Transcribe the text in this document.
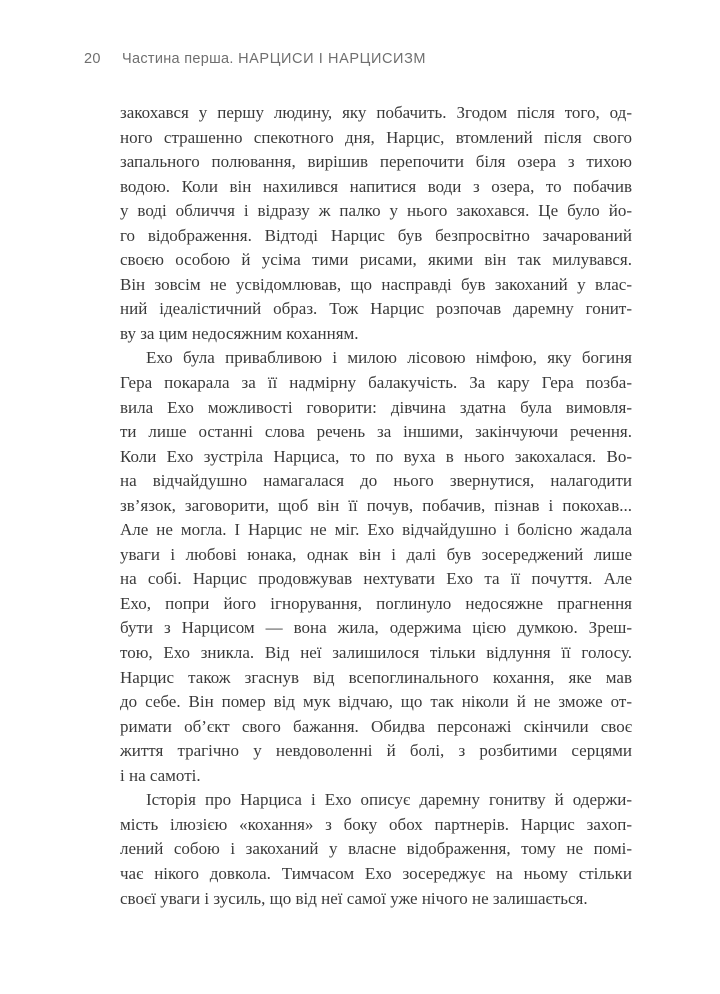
20 Частина перша. НАРЦИСИ І НАРЦИСИЗМ
закохався у першу людину, яку побачить. Згодом після того, од-
ного страшенно спекотного дня, Нарцис, втомлений після свого
запального полювання, вирішив перепочити біля озера з тихою
водою. Коли він нахилився напитися води з озера, то побачив
у воді обличчя і відразу ж палко у нього закохався. Це було йо-
го відображення. Відтоді Нарцис був безпросвітно зачарований
своєю особою й усіма тими рисами, якими він так милувався.
Він зовсім не усвідомлював, що насправді був закоханий у влас-
ний ідеалістичний образ. Тож Нарцис розпочав даремну гонит-
ву за цим недосяжним коханням.
Ехо була привабливою і милою лісовою німфою, яку богиня
Гера покарала за її надмірну балакучість. За кару Гера позба-
вила Ехо можливості говорити: дівчина здатна була вимовля-
ти лише останні слова речень за іншими, закінчуючи речення.
Коли Ехо зустріла Нарциса, то по вуха в нього закохалася. Во-
на відчайдушно намагалася до нього звернутися, налагодити
зв’язок, заговорити, щоб він її почув, побачив, пізнав і покохав...
Але не могла. І Нарцис не міг. Ехо відчайдушно і болісно жадала
уваги і любові юнака, однак він і далі був зосереджений лише
на собі. Нарцис продовжував нехтувати Ехо та її почуття. Але
Ехо, попри його ігнорування, поглинуло недосяжне прагнення
бути з Нарцисом — вона жила, одержима цією думкою. Зреш-
тою, Ехо зникла. Від неї залишилося тільки відлуння її голосу.
Нарцис також згаснув від всепоглинального кохання, яке мав
до себе. Він помер від мук відчаю, що так ніколи й не зможе от-
римати об’єкт свого бажання. Обидва персонажі скінчили своє
життя трагічно у невдоволенні й болі, з розбитими серцями
і на самоті.
Історія про Нарциса і Ехо описує даремну гонитву й одержи-
мість ілюзією «кохання» з боку обох партнерів. Нарцис захоп-
лений собою і закоханий у власне відображення, тому не помі-
чає нікого довкола. Тимчасом Ехо зосереджує на ньому стільки
своєї уваги і зусиль, що від неї самої уже нічого не залишається.
